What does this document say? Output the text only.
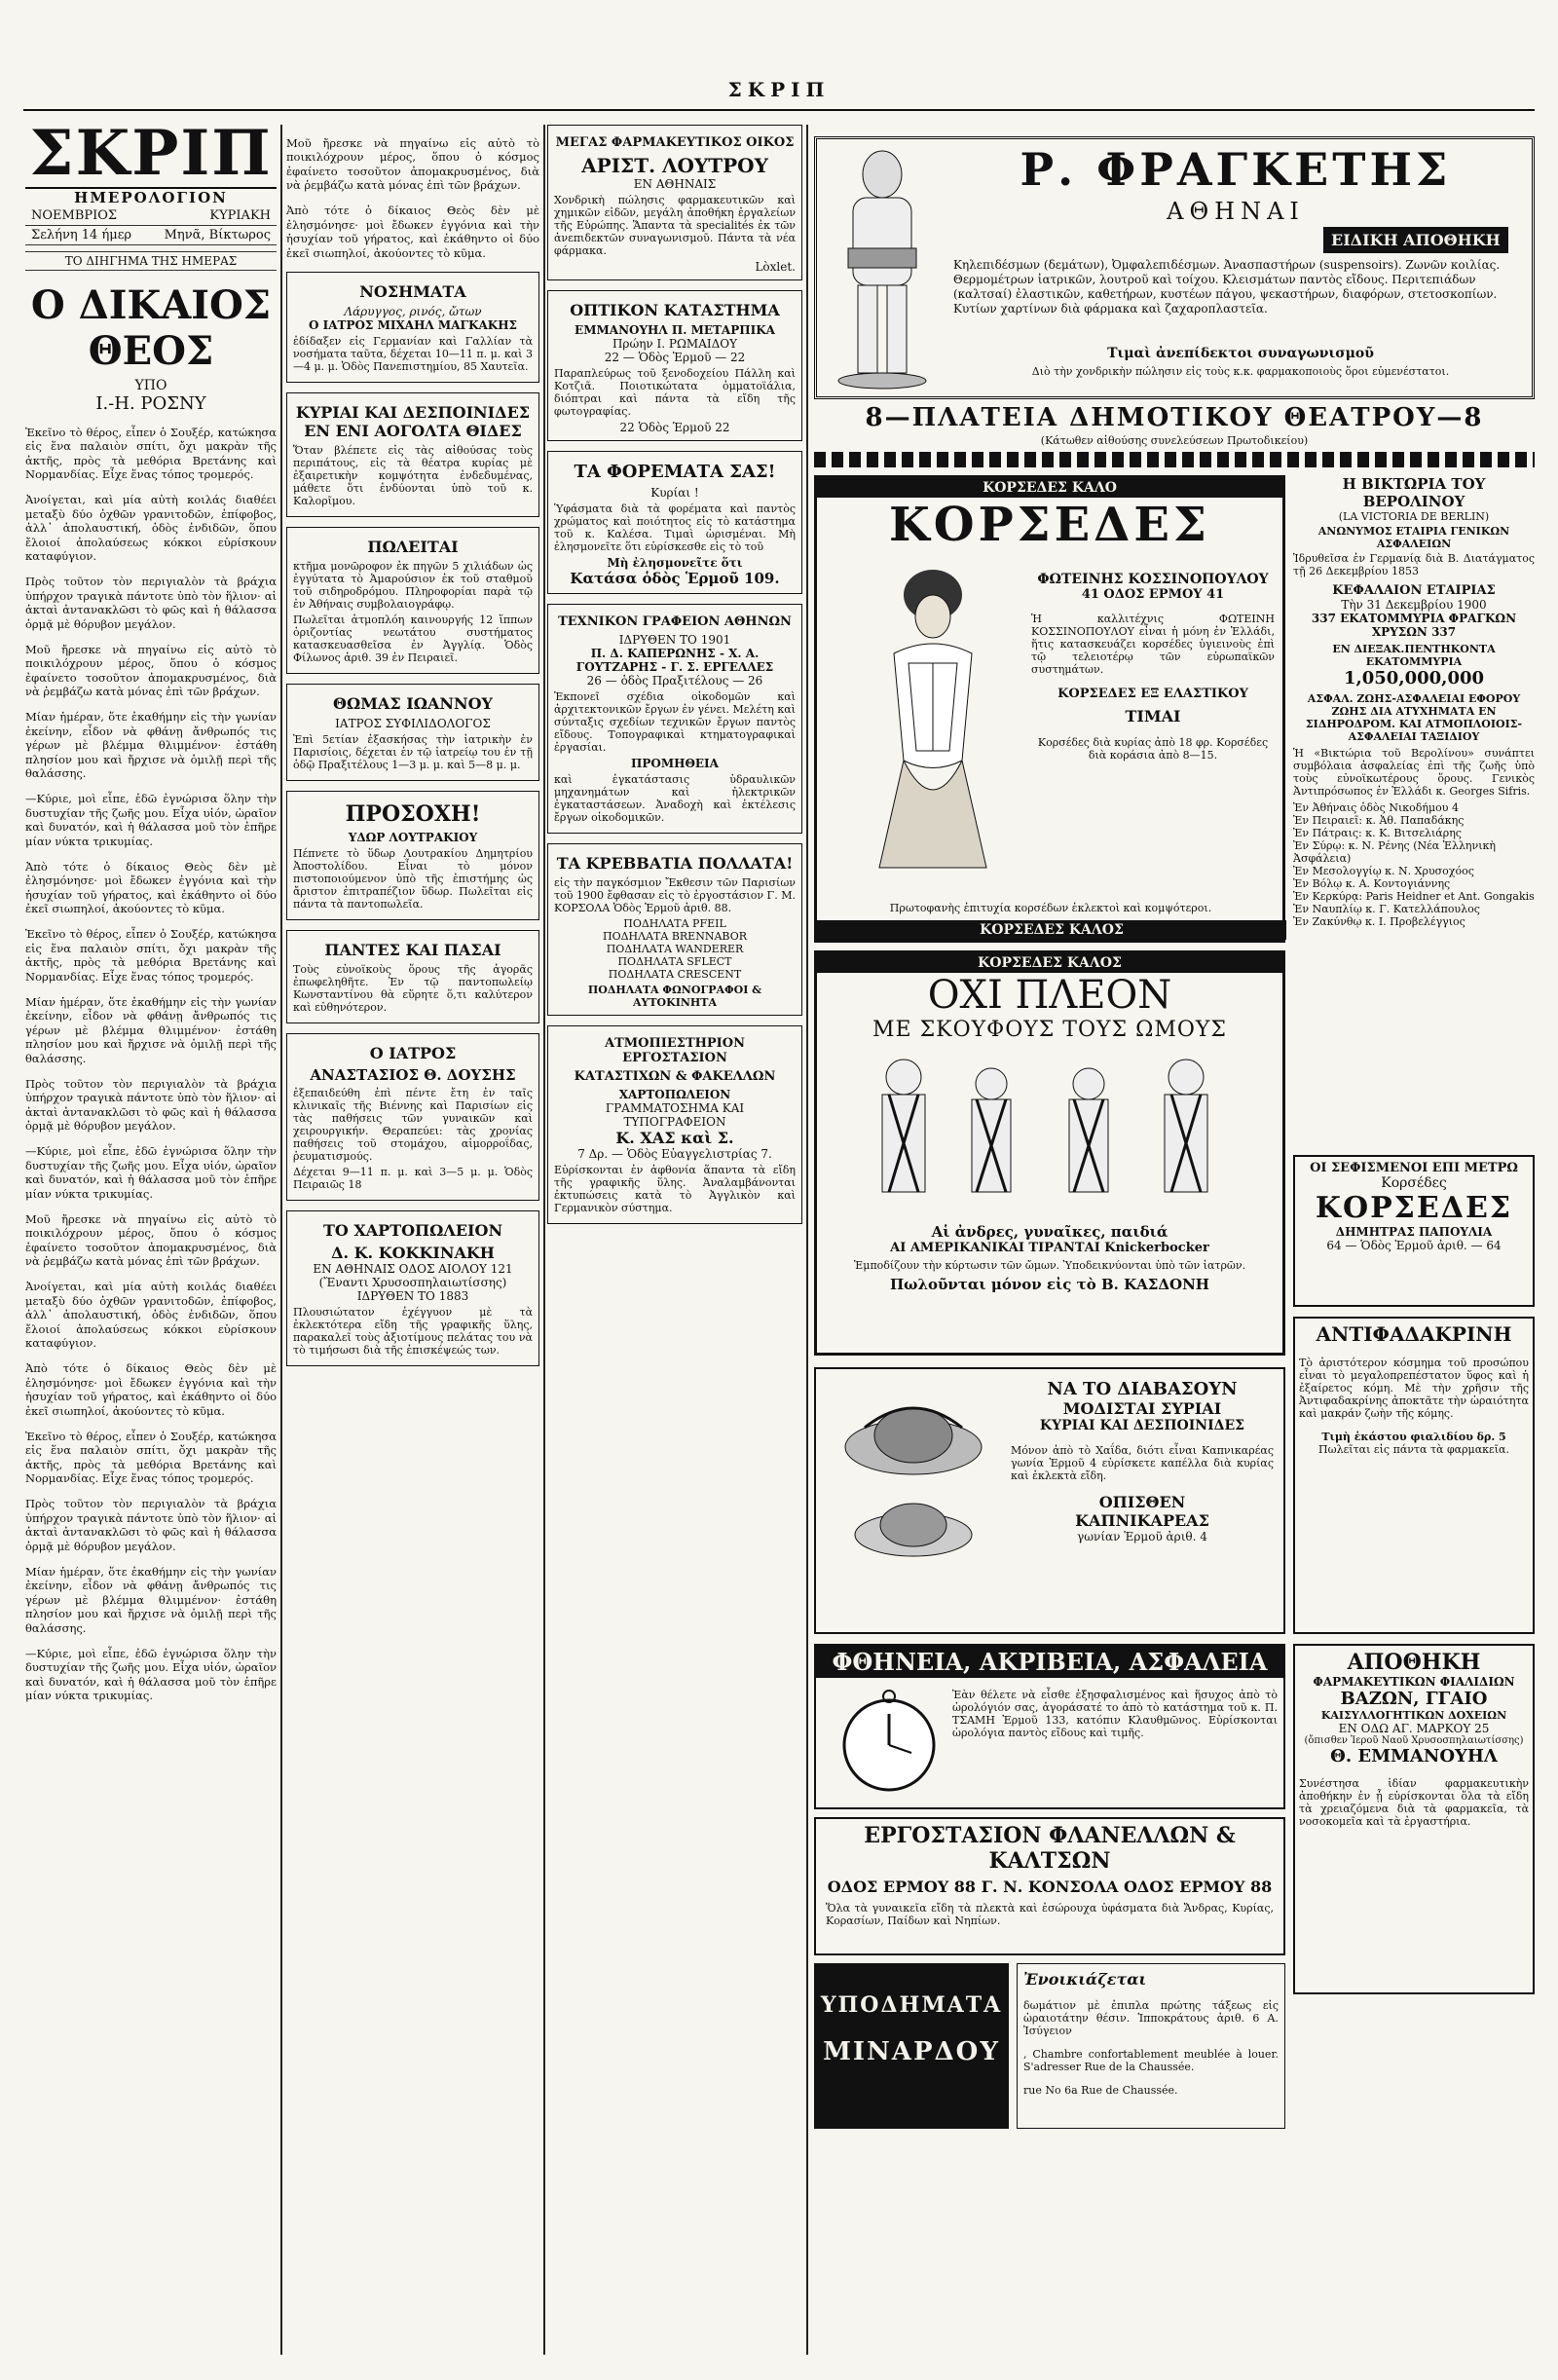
ΣΚΡΙΠ
ΣΚΡΙΠ
ΗΜΕΡΟΛΟΓΙΟΝ
ΝΟΕΜΒΡΙΟΣ	ΚΥΡΙΑΚΗ
Σελήνη 14 ήμερ	Μηνᾶ, Βίκτωρος
ΤΟ ΔΙΗΓΗΜΑ ΤΗΣ ΗΜΕΡΑΣ
Ο ΔΙΚΑΙΟΣ ΘΕΟΣ
ΥΠΟ
Ι.-Η. ΡΟΣΝΥ

Ἐκεῖνο τὸ θέρος, εἶπεν ὁ Σουξέρ, κατώκησα εἰς ἕνα παλαιὸν σπίτι, ὄχι μακρὰν τῆς ἀκτῆς, πρὸς τὰ μεθόρια Βρετάνης καὶ Νορμανδίας. Εἶχε ἕνας τόπος τρομερός.

Ἀνοίγεται, καὶ μία αὐτὴ κοιλάς διαθέει μεταξὺ δύο ὀχθῶν γρανιτοδῶν, ἐπίφοβος, ἀλλ᾽ ἀπολαυστική, ὁδὸς ἐνδιδῶν, ὅπου ἔλοιοί ἀπολαύσεως κόκκοι εὑρίσκουν καταφύγιον.

Πρὸς τοῦτον τὸν περιγιαλὸν τὰ βράχια ὑπήρχον τραγικὰ πάντοτε ὑπὸ τὸν ἥλιον· αἱ ἀκταὶ ἀντανακλῶσι τὸ φῶς καὶ ἡ θάλασσα ὁρμᾷ μὲ θόρυβον μεγάλον.

Μοῦ ἤρεσκε νὰ πηγαίνω εἰς αὐτὸ τὸ ποικιλόχρουν μέρος, ὅπου ὁ κόσμος ἐφαίνετο τοσοῦτον ἀπομακρυσμένος, διὰ νὰ ῥεμβάζω κατὰ μόνας ἐπὶ τῶν βράχων.

Μίαν ἡμέραν, ὅτε ἐκαθήμην εἰς τὴν γωνίαν ἐκείνην, εἶδον νὰ φθάνῃ ἄνθρωπός τις γέρων μὲ βλέμμα θλιμμένον· ἐστάθη πλησίον μου καὶ ἤρχισε νὰ ὁμιλῇ περὶ τῆς θαλάσσης.

—Κύριε, μοὶ εἶπε, ἐδῶ ἐγνώρισα ὅλην τὴν δυστυχίαν τῆς ζωῆς μου. Εἶχα υἱόν, ὡραῖον καὶ δυνατόν, καὶ ἡ θάλασσα μοῦ τὸν ἐπῆρε μίαν νύκτα τρικυμίας.

Ἀπὸ τότε ὁ δίκαιος Θεὸς δὲν μὲ ἐλησμόνησε· μοὶ ἔδωκεν ἐγγόνια καὶ τὴν ἡσυχίαν τοῦ γήρατος, καὶ ἐκάθηντο οἱ δύο ἐκεῖ σιωπηλοί, ἀκούοντες τὸ κῦμα.

Ἐκεῖνο τὸ θέρος, εἶπεν ὁ Σουξέρ, κατώκησα εἰς ἕνα παλαιὸν σπίτι, ὄχι μακρὰν τῆς ἀκτῆς, πρὸς τὰ μεθόρια Βρετάνης καὶ Νορμανδίας. Εἶχε ἕνας τόπος τρομερός.

Μίαν ἡμέραν, ὅτε ἐκαθήμην εἰς τὴν γωνίαν ἐκείνην, εἶδον νὰ φθάνῃ ἄνθρωπός τις γέρων μὲ βλέμμα θλιμμένον· ἐστάθη πλησίον μου καὶ ἤρχισε νὰ ὁμιλῇ περὶ τῆς θαλάσσης.

Πρὸς τοῦτον τὸν περιγιαλὸν τὰ βράχια ὑπήρχον τραγικὰ πάντοτε ὑπὸ τὸν ἥλιον· αἱ ἀκταὶ ἀντανακλῶσι τὸ φῶς καὶ ἡ θάλασσα ὁρμᾷ μὲ θόρυβον μεγάλον.

—Κύριε, μοὶ εἶπε, ἐδῶ ἐγνώρισα ὅλην τὴν δυστυχίαν τῆς ζωῆς μου. Εἶχα υἱόν, ὡραῖον καὶ δυνατόν, καὶ ἡ θάλασσα μοῦ τὸν ἐπῆρε μίαν νύκτα τρικυμίας.

Μοῦ ἤρεσκε νὰ πηγαίνω εἰς αὐτὸ τὸ ποικιλόχρουν μέρος, ὅπου ὁ κόσμος ἐφαίνετο τοσοῦτον ἀπομακρυσμένος, διὰ νὰ ῥεμβάζω κατὰ μόνας ἐπὶ τῶν βράχων.

Ἀνοίγεται, καὶ μία αὐτὴ κοιλάς διαθέει μεταξὺ δύο ὀχθῶν γρανιτοδῶν, ἐπίφοβος, ἀλλ᾽ ἀπολαυστική, ὁδὸς ἐνδιδῶν, ὅπου ἔλοιοί ἀπολαύσεως κόκκοι εὑρίσκουν καταφύγιον.

Ἀπὸ τότε ὁ δίκαιος Θεὸς δὲν μὲ ἐλησμόνησε· μοὶ ἔδωκεν ἐγγόνια καὶ τὴν ἡσυχίαν τοῦ γήρατος, καὶ ἐκάθηντο οἱ δύο ἐκεῖ σιωπηλοί, ἀκούοντες τὸ κῦμα.

Ἐκεῖνο τὸ θέρος, εἶπεν ὁ Σουξέρ, κατώκησα εἰς ἕνα παλαιὸν σπίτι, ὄχι μακρὰν τῆς ἀκτῆς, πρὸς τὰ μεθόρια Βρετάνης καὶ Νορμανδίας. Εἶχε ἕνας τόπος τρομερός.

Πρὸς τοῦτον τὸν περιγιαλὸν τὰ βράχια ὑπήρχον τραγικὰ πάντοτε ὑπὸ τὸν ἥλιον· αἱ ἀκταὶ ἀντανακλῶσι τὸ φῶς καὶ ἡ θάλασσα ὁρμᾷ μὲ θόρυβον μεγάλον.

Μίαν ἡμέραν, ὅτε ἐκαθήμην εἰς τὴν γωνίαν ἐκείνην, εἶδον νὰ φθάνῃ ἄνθρωπός τις γέρων μὲ βλέμμα θλιμμένον· ἐστάθη πλησίον μου καὶ ἤρχισε νὰ ὁμιλῇ περὶ τῆς θαλάσσης.

—Κύριε, μοὶ εἶπε, ἐδῶ ἐγνώρισα ὅλην τὴν δυστυχίαν τῆς ζωῆς μου. Εἶχα υἱόν, ὡραῖον καὶ δυνατόν, καὶ ἡ θάλασσα μοῦ τὸν ἐπῆρε μίαν νύκτα τρικυμίας.

Μοῦ ἤρεσκε νὰ πηγαίνω εἰς αὐτὸ τὸ ποικιλόχρουν μέρος, ὅπου ὁ κόσμος ἐφαίνετο τοσοῦτον ἀπομακρυσμένος, διὰ νὰ ῥεμβάζω κατὰ μόνας ἐπὶ τῶν βράχων.

Ἀπὸ τότε ὁ δίκαιος Θεὸς δὲν μὲ ἐλησμόνησε· μοὶ ἔδωκεν ἐγγόνια καὶ τὴν ἡσυχίαν τοῦ γήρατος, καὶ ἐκάθηντο οἱ δύο ἐκεῖ σιωπηλοί, ἀκούοντες τὸ κῦμα.

ΝΟΣΗΜΑΤΑ
Λάρυγγος, ρινός, ὤτων
Ο ΙΑΤΡΟΣ ΜΙΧΑΗΛ ΜΑΓΚΑΚΗΣ

ἐδίδαξεν εἰς Γερμανίαν καὶ Γαλλίαν τὰ νοσήματα ταῦτα, δέχεται 10—11 π. μ. καὶ 3—4 μ. μ. Ὁδὸς Πανεπιστημίου, 85 Χαυτεῖα.

ΚΥΡΙΑΙ ΚΑΙ ΔΕΣΠΟΙΝΙΔΕΣ ΕΝ ΕΝΙ ΑΟΓΟΛΤΑ ΘΙΔΕΣ

Ὅταν βλέπετε εἰς τὰς αἰθούσας τοὺς περιπάτους, εἰς τὰ θέατρα κυρίας μὲ ἐξαιρετικὴν κομψότητα ἐνδεδυμένας, μάθετε ὅτι ἐνδύονται ὑπὸ τοῦ κ. Καλορῖμου.

ΠΩΛΕΙΤΑΙ

κτῆμα μονῶροφον ἐκ πηγῶν 5 χιλιάδων ὡς ἐγγύτατα τὸ Ἀμαρούσιον ἐκ τοῦ σταθμοῦ τοῦ σιδηροδρόμου. Πληροφορίαι παρὰ τῷ ἐν Ἀθήναις συμβολαιογράφῳ.

Πωλεῖται ἀτμοπλόη καινουργής 12 ἵππων ὁριζοντίας νεωτάτου συστήματος κατασκευασθεῖσα ἐν Ἀγγλίᾳ. Ὁδὸς Φίλωνος ἀριθ. 39 ἐν Πειραιεῖ.

ΘΩΜΑΣ ΙΩΑΝΝΟΥ
ΙΑΤΡΟΣ ΣΥΦΙΛΙΔΟΛΟΓΟΣ

Ἐπὶ 5ετίαν ἐξασκήσας τὴν ἰατρικὴν ἐν Παρισίοις, δέχεται ἐν τῷ ἰατρείῳ του ἐν τῇ ὁδῷ Πραξιτέλους 1—3 μ. μ. καὶ 5—8 μ. μ.

ΠΡΟΣΟΧΗ!
ΥΔΩΡ ΛΟΥΤΡΑΚΙΟΥ

Πέπνετε τὸ ὕδωρ Λουτρακίου Δημητρίου Ἀποστολίδου. Εἶναι τὸ μόνον πιστοποιούμενον ὑπὸ τῆς ἐπιστήμης ὡς ἄριστον ἐπιτραπέζιον ὕδωρ. Πωλεῖται εἰς πάντα τὰ παντοπωλεῖα.

ΠΑΝΤΕΣ ΚΑΙ ΠΑΣΑΙ

Τοὺς εὐνοϊκοὺς ὅρους τῆς ἀγορᾶς ἐπωφεληθῆτε. Ἐν τῷ παντοπωλείῳ Κωνσταντίνου θὰ εὕρητε ὅ,τι καλύτερον καὶ εὐθηνότερον.

Ο ΙΑΤΡΟΣ
ΑΝΑΣΤΑΣΙΟΣ Θ. ΔΟΥΣΗΣ

ἐξεπαιδεύθη ἐπὶ πέντε ἔτη ἐν ταῖς κλινικαῖς τῆς Βιέννης καὶ Παρισίων εἰς τὰς παθήσεις τῶν γυναικῶν καὶ χειρουργικήν. Θεραπεύει: τὰς χρονίας παθήσεις τοῦ στομάχου, αἰμορροΐδας, ῥευματισμούς.

Δέχεται 9—11 π. μ. καὶ 3—5 μ. μ. Ὁδὸς Πειραιῶς 18

ΤΟ ΧΑΡΤΟΠΩΛΕΙΟΝ
Δ. Κ. ΚΟΚΚΙΝΑΚΗ
ΕΝ ΑΘΗΝΑΙΣ ΟΔΟΣ ΑΙΟΛΟΥ 121
(Ἔναντι Χρυσοσπηλαιωτίσσης)
ΙΔΡΥΘΕΝ ΤΟ 1883

Πλουσιώτατον ἐχέγγυον μὲ τὰ ἐκλεκτότερα εἴδη τῆς γραφικῆς ὕλης, παρακαλεῖ τοὺς ἀξιοτίμους πελάτας του νὰ τὸ τιμήσωσι διὰ τῆς ἐπισκέψεώς των.

ΜΕΓΑΣ ΦΑΡΜΑΚΕΥΤΙΚΟΣ ΟΙΚΟΣ
ΑΡΙΣΤ. ΛΟΥΤΡΟΥ
ΕΝ ΑΘΗΝΑΙΣ

Χονδρικὴ πώλησις φαρμακευτικῶν καὶ χημικῶν εἰδῶν, μεγάλη ἀποθήκη ἐργαλείων τῆς Εὐρώπης. Ἅπαντα τὰ specialités ἐκ τῶν ἀνεπιδεκτῶν συναγωνισμοῦ. Πάντα τὰ νέα φάρμακα.

Lòxlet.
ΟΠΤΙΚΟΝ ΚΑΤΑΣΤΗΜΑ
ΕΜΜΑΝΟΥΗΛ Π. ΜΕΤΑΡΠΙΚΑ
Πρώην Ι. ΡΩΜΑΙΔΟΥ
22 — Ὁδὸς Ἑρμοῦ — 22

Παραπλεύρως τοῦ ξενοδοχείου Πάλλη καὶ Κοτζιᾶ. Ποιοτικώτατα ὁμματοϊάλια, διόπτραι καὶ πάντα τὰ εἴδη τῆς φωτογραφίας.

22 Ὁδὸς Ἑρμοῦ 22
ΤΑ ΦΟΡΕΜΑΤΑ ΣΑΣ!
Κυρίαι !

Ὑφάσματα διὰ τὰ φορέματα καὶ παντὸς χρώματος καὶ ποιότητος εἰς τὸ κατάστημα τοῦ κ. Καλέσα. Τιμαὶ ὡρισμέναι. Μὴ ἐλησμονεῖτε ὅτι εὑρίσκεσθε εἰς τὸ τοῦ

Μὴ ἐλησμονεῖτε ὅτι
Κατάσα ὁδὸς Ἑρμοῦ 109.
ΤΕΧΝΙΚΟΝ ΓΡΑΦΕΙΟΝ ΑΘΗΝΩΝ
ΙΔΡΥΘΕΝ ΤΟ 1901
Π. Δ. ΚΑΠΕΡΩΝΗΣ - Χ. Α. ΓΟΥΤΖΑΡΗΣ - Γ. Σ. ΕΡΓΕΛΛΕΣ
26 — ὁδὸς Πραξιτέλους — 26

Ἐκπονεῖ σχέδια οἰκοδομῶν καὶ ἀρχιτεκτονικῶν ἔργων ἐν γένει. Μελέτη καὶ σύνταξις σχεδίων τεχνικῶν ἔργων παντὸς εἴδους. Τοπογραφικαὶ κτηματογραφικαὶ ἐργασίαι.

ΠΡΟΜΗΘΕΙΑ

καὶ ἐγκατάστασις ὑδραυλικῶν μηχανημάτων καὶ ἠλεκτρικῶν ἐγκαταστάσεων. Ἀναδοχὴ καὶ ἐκτέλεσις ἔργων οἰκοδομικῶν.

ΤΑ ΚΡΕΒΒΑΤΙΑ ΠΟΛΛΑΤΑ!

εἰς τὴν παγκόσμιον Ἔκθεσιν τῶν Παρισίων τοῦ 1900 ἔφθασαν εἰς τὸ ἐργοστάσιον Γ. Μ. ΚΟΡΣΟΛΑ Ὁδὸς Ἑρμοῦ ἀριθ. 88.

ΠΟΔΗΛΑΤΑ PFEIL
ΠΟΔΗΛΑΤΑ BRENNABOR
ΠΟΔΗΛΑΤΑ WANDERER
ΠΟΔΗΛΑΤΑ SFLECT
ΠΟΔΗΛΑΤΑ CRESCENT
ΠΟΔΗΛΑΤΑ ΦΩΝΟΓΡΑΦΟΙ & ΑΥΤΟΚΙΝΗΤΑ
ΑΤΜΟΠΙΕΣΤΗΡΙΟΝ ΕΡΓΟΣΤΑΣΙΟΝ
ΚΑΤΑΣΤΙΧΩΝ & ΦΑΚΕΛΛΩΝ
ΧΑΡΤΟΠΩΛΕΙΟΝ
ΓΡΑΜΜΑΤΟΣΗΜΑ ΚΑΙ ΤΥΠΟΓΡΑΦΕΙΟΝ
Κ. ΧΑΣ καὶ Σ.
7 Δρ. — Ὁδὸς Εὐαγγελιστρίας 7.

Εὑρίσκονται ἐν ἀφθονία ἅπαντα τὰ εἴδη τῆς γραφικῆς ὕλης. Ἀναλαμβάνονται ἐκτυπώσεις κατὰ τὸ Ἀγγλικὸν καὶ Γερμανικὸν σύστημα.

Ρ. ΦΡΑΓΚΕΤΗΣ
ΑΘΗΝΑΙ
ΕΙΔΙΚΗ ΑΠΟΘΗΚΗ
Κηλεπιδέσμων (δεμάτων), Ὀμφαλεπιδέσμων. Ἀνασπαστήρων (suspensoirs). Ζωνῶν κοιλίας. Θερμομέτρων ἰατρικῶν, λουτροῦ καὶ τοίχου. Κλεισμάτων παντὸς εἴδους. Περιτεπιάδων (καλτσαί) ἐλαστικῶν, καθετήρων, κυστέων πάγου, ψεκαστήρων, διαφόρων, στετοσκοπίων. Κυτίων χαρτίνων διὰ φάρμακα καὶ ζαχαροπλαστεῖα.
Τιμαὶ ἀνεπίδεκτοι συναγωνισμοῦ
Διὸ τὴν χονδρικὴν πώλησιν εἰς τοὺς κ.κ. φαρμακοποιοὺς ὅροι εὐμενέστατοι.
8—ΠΛΑΤΕΙΑ ΔΗΜΟΤΙΚΟΥ ΘΕΑΤΡΟΥ—8
(Κάτωθεν αἰθούσης συνελεύσεων Πρωτοδικείου)
ΚΟΡΣΕΔΕΣ ΚΑΛΟ
ΚΟΡΣΕΔΕΣ
ΦΩΤΕΙΝΗΣ ΚΟΣΣΙΝΟΠΟΥΛΟΥ
41 ΟΔΟΣ ΕΡΜΟΥ 41

Ἡ καλλιτέχνις ΦΩΤΕΙΝΗ ΚΟΣΣΙΝΟΠΟΥΛΟΥ εἶναι ἡ μόνη ἐν Ἑλλάδι, ἥτις κατασκευάζει κορσέδες ὑγιεινοὺς ἐπὶ τῷ τελειοτέρῳ τῶν εὐρωπαϊκῶν συστημάτων.

ΚΟΡΣΕΔΕΣ ΕΞ ΕΛΑΣΤΙΚΟΥ
ΤΙΜΑΙ

Κορσέδες διὰ κυρίας ἀπὸ 18 φρ. Κορσέδες διὰ κοράσια ἀπὸ 8—15.

Πρωτοφανὴς ἐπιτυχία κορσέδων ἐκλεκτοὶ καὶ κομψότεροι.
ΚΟΡΣΕΔΕΣ ΚΑΛΟΣ
ΚΟΡΣΕΔΕΣ ΚΑΛΟΣ
ΟΧΙ ΠΛΕΟΝ
ΜΕ ΣΚΟΥΦΟΥΣ ΤΟΥΣ ΩΜΟΥΣ
Αἱ ἀνδρες, γυναῖκες, παιδιά
ΑΙ ΑΜΕΡΙΚΑΝΙΚΑΙ ΤΙΡΑΝΤΑΙ Knickerbocker
Ἐμποδίζουν τὴν κύρτωσιν τῶν ὤμων. Ὑποδεικνύονται ὑπὸ τῶν ἰατρῶν.
Πωλοῦνται μόνον εἰς τὸ Β. ΚΑΣΔΟΝΗ
ΝΑ ΤΟ ΔΙΑΒΑΣΟΥΝ
ΜΟΔΙΣΤΑΙ ΣΥΡΙΑΙ
ΚΥΡΙΑΙ ΚΑΙ ΔΕΣΠΟΙΝΙΔΕΣ

Μόνον ἀπὸ τὸ Χαΐδα, διότι εἶναι Καπνικαρέας γωνία Ἑρμοῦ 4 εὑρίσκετε καπέλλα διὰ κυρίας καὶ ἐκλεκτὰ εἴδη.

ΟΠΙΣΘΕΝ
ΚΑΠΝΙΚΑΡΕΑΣ
γωνίαν Ἑρμοῦ ἀριθ. 4
Η ΒΙΚΤΩΡΙΑ ΤΟΥ ΒΕΡΟΛΙΝΟΥ
(LA VICTORIA DE BERLIN)
ΑΝΩΝΥΜΟΣ ΕΤΑΙΡΙΑ ΓΕΝΙΚΩΝ ΑΣΦΑΛΕΙΩΝ
Ἱδρυθεῖσα ἐν Γερμανίᾳ διὰ Β. Διατάγματος τῇ 26 Δεκεμβρίου 1853
ΚΕΦΑΛΑΙΟΝ ΕΤΑΙΡΙΑΣ
Τὴν 31 Δεκεμβρίου 1900
337 ΕΚΑΤΟΜΜΥΡΙΑ ΦΡΑΓΚΩΝ ΧΡΥΣΩΝ 337
ΕΝ ΔΙΕΞΑΚ.ΠΕΝΤΗΚΟΝΤΑ ΕΚΑΤΟΜΜΥΡΙΑ
1,050,000,000
ΑΣΦΑΛ. ΖΩΗΣ-ΑΣΦΑΛΕΙΑΙ ΕΦΟΡΟΥ ΖΩΗΣ ΔΙΑ ΑΤΥΧΗΜΑΤΑ ΕΝ ΣΙΔΗΡΟΔΡΟΜ. ΚΑΙ ΑΤΜΟΠΛΟΙΟΙΣ-ΑΣΦΑΛΕΙΑΙ ΤΑΞΙΔΙΟΥ
Ἡ «Βικτώρια τοῦ Βερολίνου» συνάπτει συμβόλαια ἀσφαλείας ἐπὶ τῆς ζωῆς ὑπὸ τοὺς εὐνοϊκωτέρους ὅρους. Γενικὸς Ἀντιπρόσωπος ἐν Ἑλλάδι κ. Georges Sifris.
Ἐν Ἀθήναις ὁδὸς Νικοδήμου 4
Ἐν Πειραιεῖ: κ. Ἀθ. Παπαδάκης
Ἐν Πάτραις: κ. Κ. Βιτσελιάρης
Ἐν Σύρῳ: κ. Ν. Ρένης (Νέα Ἑλληνικὴ Ἀσφάλεια)
Ἐν Μεσολογγίῳ κ. Ν. Χρυσοχόος
Ἐν Βόλῳ κ. Α. Κοντογιάννης
Ἐν Κερκύρᾳ: Paris Heidner et Ant. Gongakis
Ἐν Ναυπλίῳ κ. Γ. Κατελλάπουλος
Ἐν Ζακύνθῳ κ. Ι. Προβελέγγιος
ΟΙ ΣΕΦΙΣΜΕΝΟΙ ΕΠΙ ΜΕΤΡΩ
Κορσέδες
ΚΟΡΣΕΔΕΣ
ΔΗΜΗΤΡΑΣ ΠΑΠΟΥΛΙΑ
64 — Ὁδὸς Ἑρμοῦ ἀριθ. — 64
ΑΝΤΙΦΑΔΑΚΡΙΝΗ

Τὸ ἀριστότερον κόσμημα τοῦ προσώπου εἶναι τὸ μεγαλοπρεπέστατον ὕφος καὶ ἡ ἐξαίρετος κόμη. Μὲ τὴν χρῆσιν τῆς Ἀντιφαδακρίνης ἀποκτᾶτε τὴν ὡραιότητα καὶ μακράν ζωὴν τῆς κόμης.

Τιμὴ ἑκάστου φιαλιδίου δρ. 5
Πωλεῖται εἰς πάντα τὰ φαρμακεῖα.
ΦΘΗΝΕΙΑ, ΑΚΡΙΒΕΙΑ, ΑΣΦΑΛΕΙΑ
Ἐὰν θέλετε νὰ εἶσθε ἐξησφαλισμένος καὶ ἥσυχος ἀπὸ τὸ ὡρολόγιόν σας, ἀγοράσατέ το ἀπὸ τὸ κατάστημα τοῦ κ. Π. ΤΣΑΜΗ Ἑρμοῦ 133, κατόπιν Κλαυθμῶνος. Εὑρίσκονται ὡρολόγια παντὸς εἴδους καὶ τιμῆς.
ΑΠΟΘΗΚΗ
ΦΑΡΜΑΚΕΥΤΙΚΩΝ ΦΙΑΛΙΔΙΩΝ
ΒΑΖΩΝ, ΓΓΑΙΟ
ΚΑΙΣΥΛΛΟΓΗΤΙΚΩΝ ΔΟΧΕΙΩΝ
ΕΝ ΟΔΩ ΑΓ. ΜΑΡΚΟΥ 25
(ὄπισθεν Ἱεροῦ Ναοῦ Χρυσοσπηλαιωτίσσης)
Θ. ΕΜΜΑΝΟΥΗΛ

Συνέστησα ἰδίαν φαρμακευτικὴν ἀποθήκην ἐν ᾗ εὑρίσκονται ὅλα τὰ εἴδη τὰ χρειαζόμενα διὰ τὰ φαρμακεῖα, τὰ νοσοκομεῖα καὶ τὰ ἐργαστήρια.

ΕΡΓΟΣΤΑΣΙΟΝ ΦΛΑΝΕΛΛΩΝ & ΚΑΛΤΣΩΝ
ΟΔΟΣ ΕΡΜΟΥ 88 Γ. Ν. ΚΟΝΣΟΛΑ ΟΔΟΣ ΕΡΜΟΥ 88
Ὅλα τὰ γυναικεῖα εἴδη τὰ πλεκτὰ καὶ ἐσώρουχα ὑφάσματα διὰ Ἄνδρας, Κυρίας, Κορασίων, Παίδων καὶ Νηπίων.
ΥΠΟΔΗΜΑΤΑ
ΜΙΝΑΡΔΟΥ
Ἐνοικιάζεται

δωμάτιον μὲ ἐπιπλα πρώτης τάξεως εἰς ὡραιοτάτην θέσιν. Ἱπποκράτους ἀριθ. 6 Α. Ἰσύγειον

, Chambre confortablement meublée à louer. S'adresser Rue de la Chaussée.

rue No 6a Rue de Chaussée.
